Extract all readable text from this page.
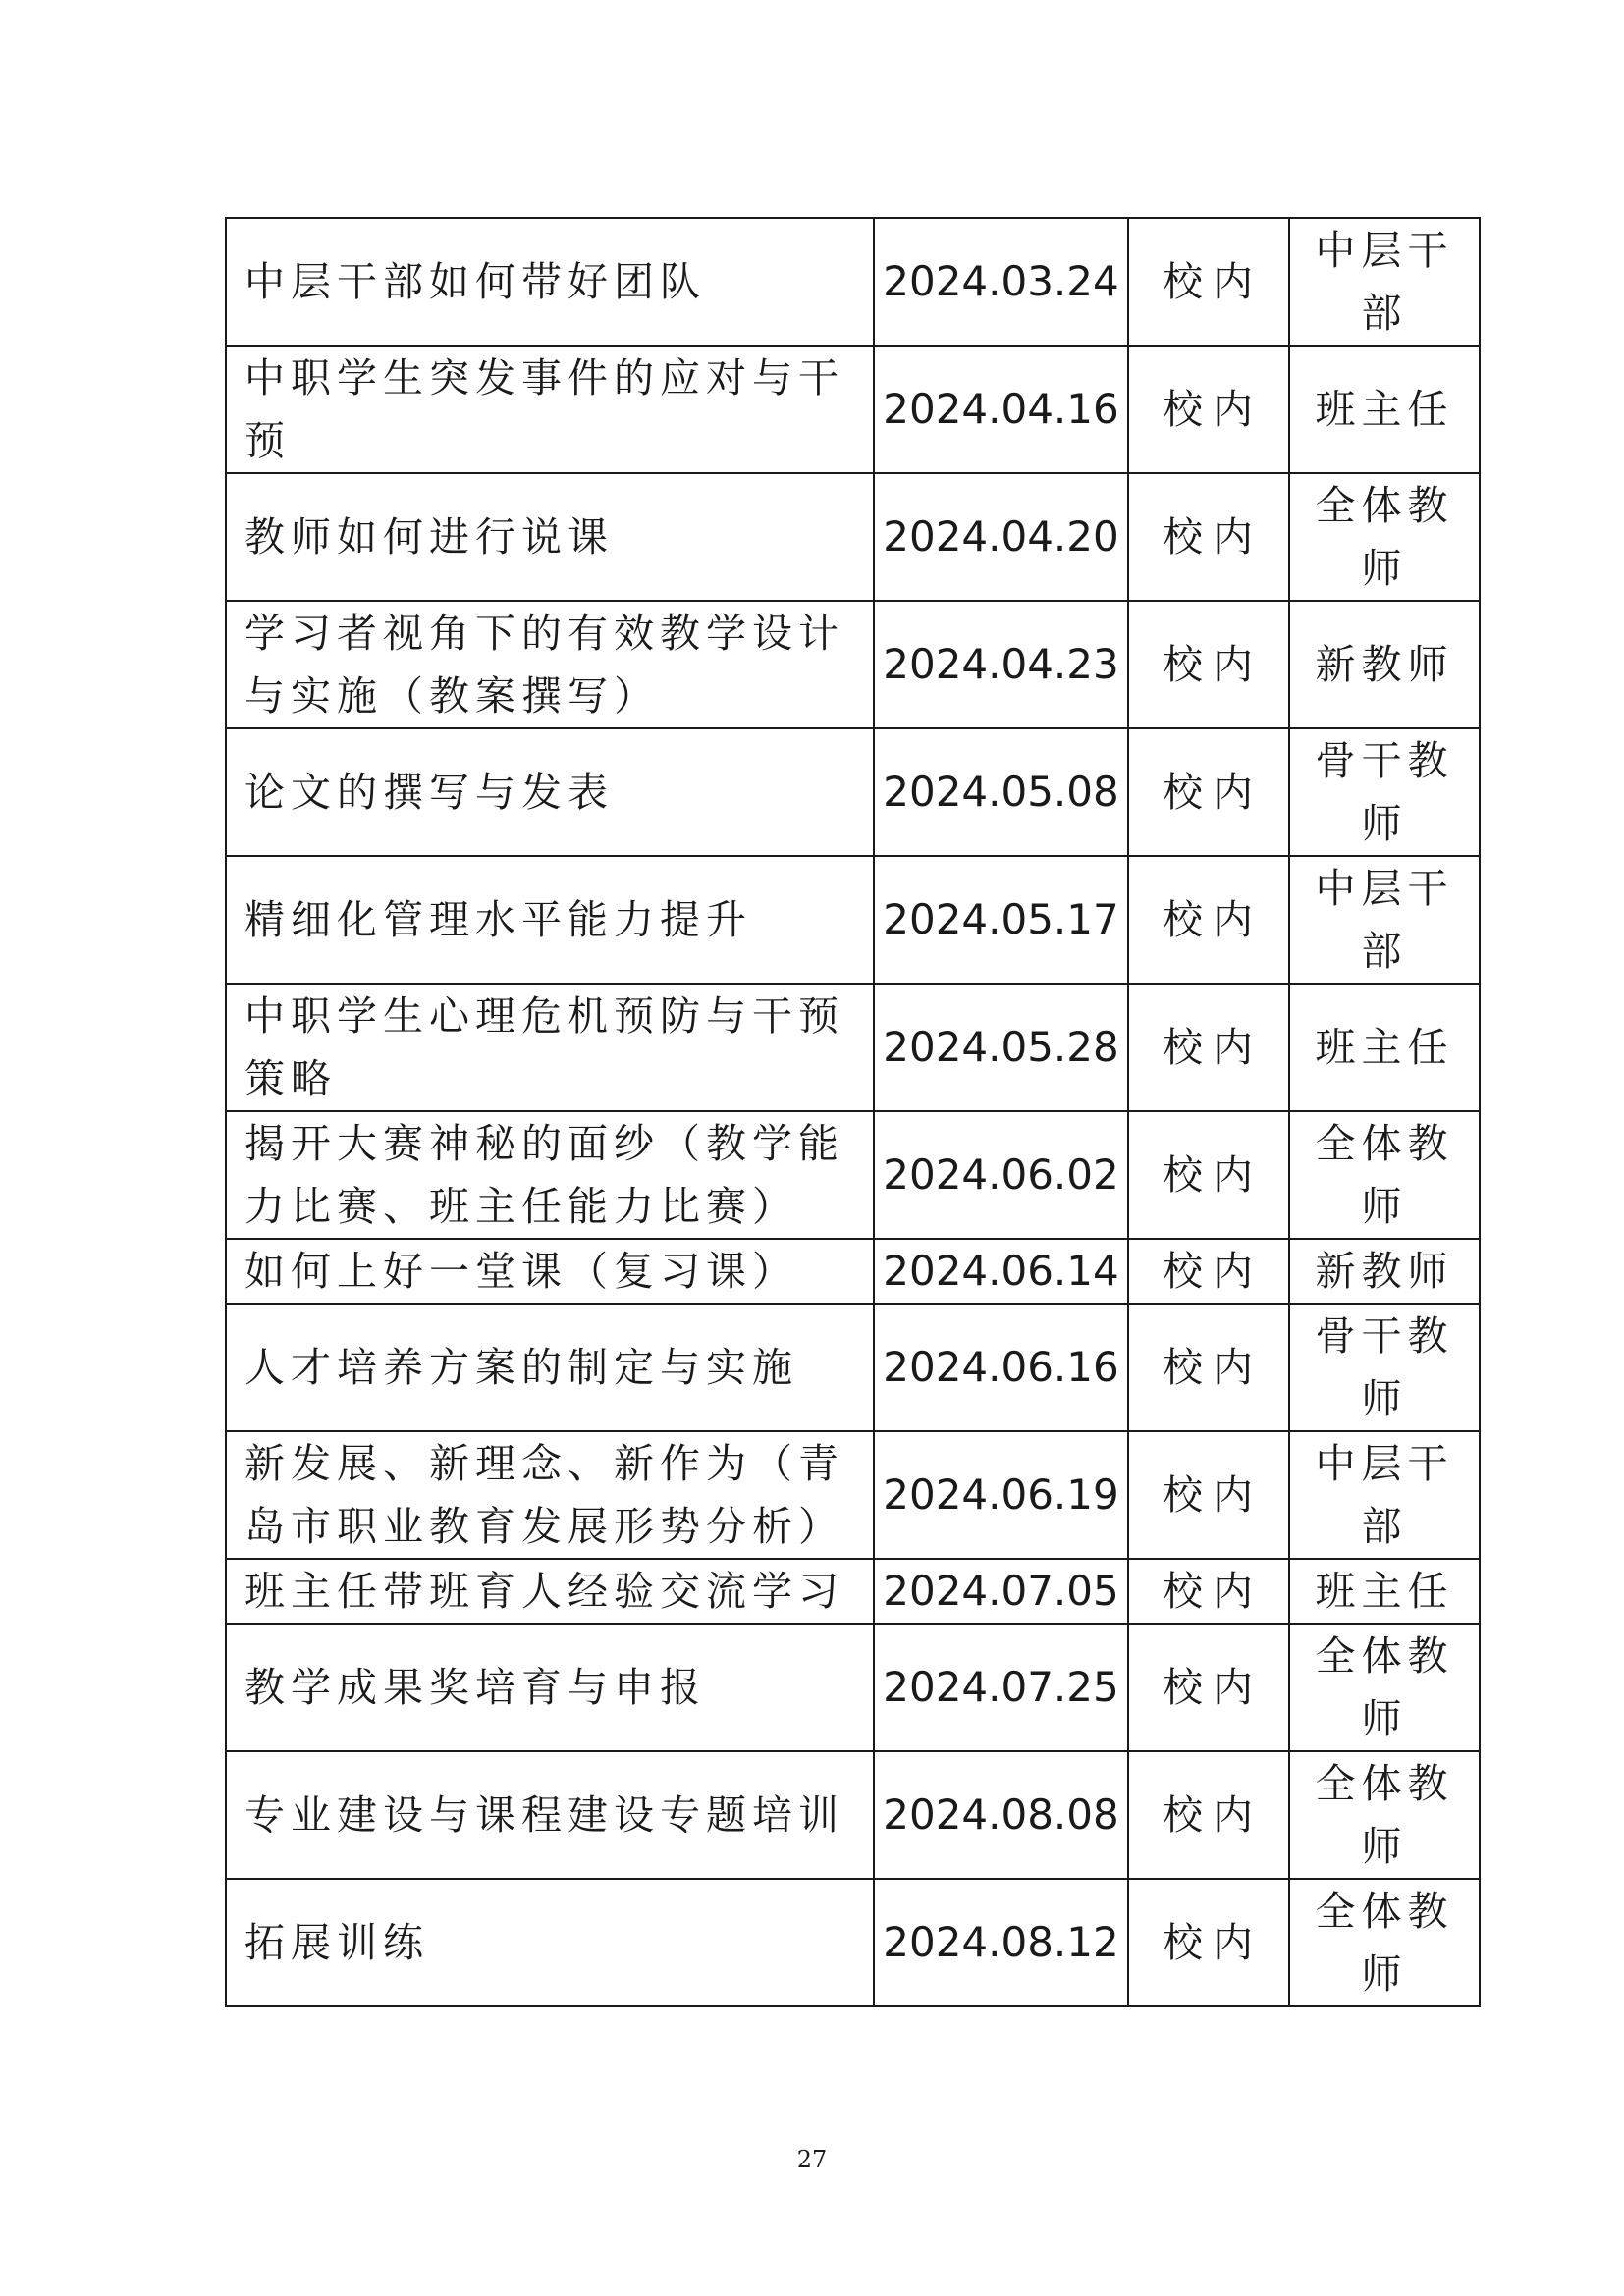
中层干部如何带好团队	2024.03.24	校内	中层干部
中职学生突发事件的应对与干预	2024.04.16	校内	班主任
教师如何进行说课	2024.04.20	校内	全体教师
学习者视角下的有效教学设计与实施（教案撰写）	2024.04.23	校内	新教师
论文的撰写与发表	2024.05.08	校内	骨干教师
精细化管理水平能力提升	2024.05.17	校内	中层干部
中职学生心理危机预防与干预策略	2024.05.28	校内	班主任
揭开大赛神秘的面纱（教学能力比赛、班主任能力比赛）	2024.06.02	校内	全体教师
如何上好一堂课（复习课）	2024.06.14	校内	新教师
人才培养方案的制定与实施	2024.06.16	校内	骨干教师
新发展、新理念、新作为（青岛市职业教育发展形势分析）	2024.06.19	校内	中层干部
班主任带班育人经验交流学习	2024.07.05	校内	班主任
教学成果奖培育与申报	2024.07.25	校内	全体教师
专业建设与课程建设专题培训	2024.08.08	校内	全体教师
拓展训练	2024.08.12	校内	全体教师
27
